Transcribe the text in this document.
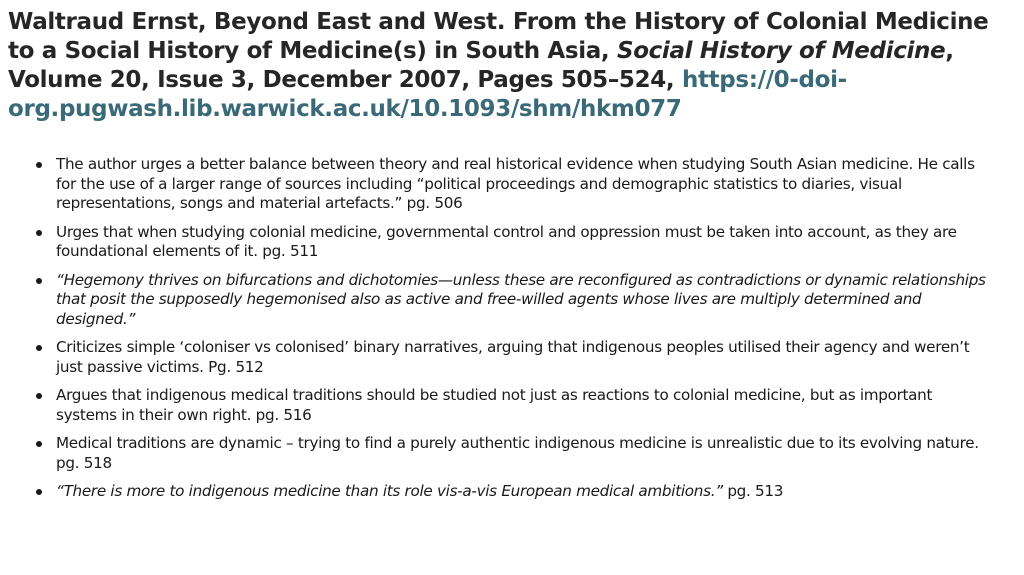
Waltraud Ernst, Beyond East and West. From the History of Colonial Medicine to a Social History of Medicine(s) in South Asia, Social History of Medicine, Volume 20, Issue 3, December 2007, Pages 505–524, https://0-doi-org.pugwash.lib.warwick.ac.uk/10.1093/shm/hkm077
The author urges a better balance between theory and real historical evidence when studying South Asian medicine. He calls for the use of a larger range of sources including “political proceedings and demographic statistics to diaries, visual representations, songs and material artefacts.” pg. 506
Urges that when studying colonial medicine, governmental control and oppression must be taken into account, as they are foundational elements of it. pg. 511
“Hegemony thrives on bifurcations and dichotomies—unless these are reconfigured as contradictions or dynamic relationships that posit the supposedly hegemonised also as active and free-willed agents whose lives are multiply determined and designed.”
Criticizes simple ‘coloniser vs colonised’ binary narratives, arguing that indigenous peoples utilised their agency and weren’t just passive victims. Pg. 512
Argues that indigenous medical traditions should be studied not just as reactions to colonial medicine, but as important systems in their own right. pg. 516
Medical traditions are dynamic – trying to find a purely authentic indigenous medicine is unrealistic due to its evolving nature. pg. 518
“There is more to indigenous medicine than its role vis-a-vis European medical ambitions.” pg. 513
